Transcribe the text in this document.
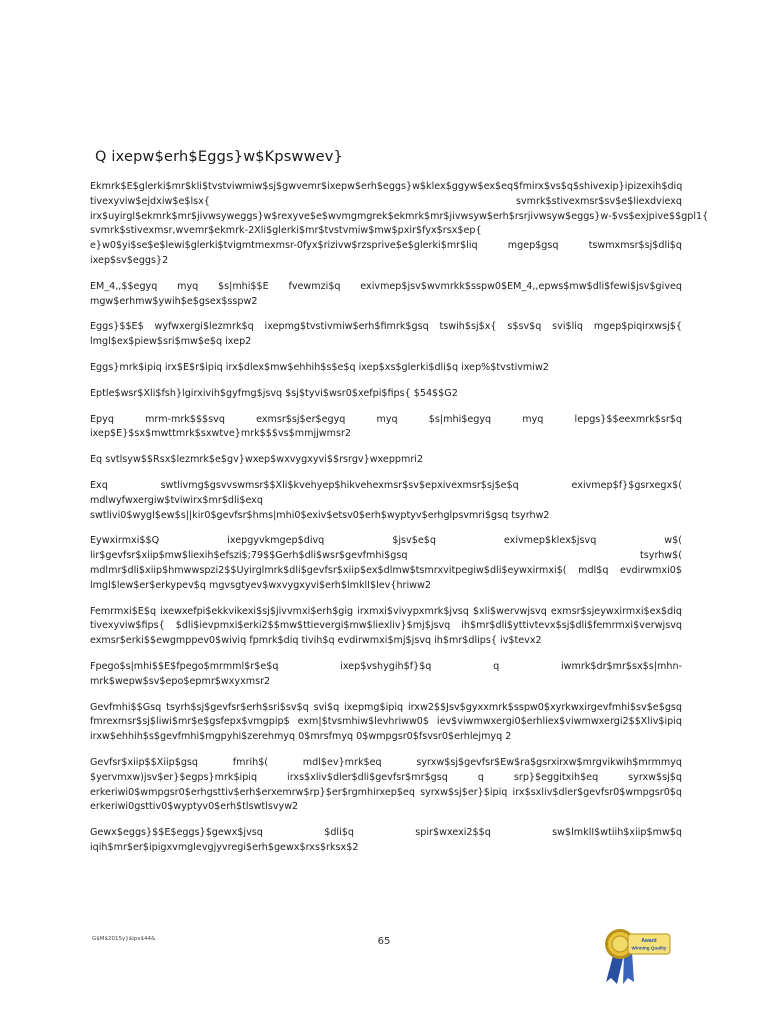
Q ixepw$erh$Eggs}w$Kpswwev}

Ekmrk$E$glerki$mr$kli$tvstviwmiw$sj$gwvemr$ixepw$erh$eggs}w$klex$ggyw$ex$eq$fmirx$vs$q$shivexip}ipizexih$diq tivexyviw$ejdxiw$e$lsx{ svmrk$stivexmsr$sv$e$liexdviexq irx$uyirgl$ekmrk$mr$jivwsyweggs}w$rexyve$e$wvmgmgrek$ekmrk$mr$jivwsyw$erh$rsrjivwsyw$eggs}w-$vs$exjpive$$gpl1{ svmrk$stivexmsr,wvemr$ekmrk-2Xli$glerki$mr$tvstvmiw$mw$pxir$fyx$rsx$ep{ e}w0$yi$se$e$lewi$glerki$tvigmtmexmsr-0fyx$rizivw$rzsprive$e$glerki$mr$liq mgep$gsq tswmxmsr$sj$dli$q ixep$sv$eggs}2

EM_4,,$$egyq myq $s|mhi$$E fvewmzi$q exivmep$jsv$wvmrkk$sspw0$EM_4,,epws$mw$dli$fewi$jsv$giveq mgw$erhmw$ywih$e$gsex$sspw2

Eggs}$$E$ wyfwxergi$lezmrk$q ixepmg$tvstivmiw$erh$fimrk$gsq tswih$sj$x{ s$sv$q svi$liq mgep$piqirxwsj${ lmgl$ex$piew$sri$mw$e$q ixep2

Eggs}mrk$ipiq irx$E$r$ipiq irx$dlex$mw$ehhih$s$e$q ixep$xs$glerki$dli$q ixep%$tvstivmiw2

Eptle$wsr$Xli$fsh}lgirxivih$gyfmg$jsvq $sj$tyvi$wsr0$xefpi$fips{ $54$$G2

Epyq mrm-mrk$$$svq exmsr$sj$er$egyq myq $s|mhi$egyq myq lepgs}$$eexmrk$sr$q ixep$E}$sx$mwttmrk$sxwtve}mrk$$$vs$mmjjwmsr2

Eq svtlsyw$$Rsx$lezmrk$e$gv}wxep$wxvygxyvi$$rsrgv}wxeppmri2

Exq swtlivmg$gsvvswmsr$$Xli$kvehyep$hikvehexmsr$sv$epxivexmsr$sj$e$q exivmep$f}$gsrxegx$( mdlwyfwxergiw$tviwirx$mr$dli$exq swtlivi0$wygl$ew$s||kir0$gevfsr$hms|mhi0$exiv$etsv0$erh$wyptyv$erhglpsvmri$gsq tsyrhw2

Eywxirmxi$$Q ixepgyvkmgep$divq $jsv$e$q exivmep$klex$jsvq w$( lir$gevfsr$xiip$mw$liexih$efszi$;79$$Gerh$dli$wsr$gevfmhi$gsq tsyrhw$( mdlmr$dli$xiip$hmwwspzi2$$Uyirglmrk$dli$gevfsr$xiip$ex$dlmw$tsmrxvitpegiw$dli$eywxirmxi$( mdl$q evdirwmxi0$ lmgl$lew$er$erkypev$q mgvsgtyev$wxvygxyvi$erh$lmklI$lev{hriww2

Femrmxi$E$q ixewxefpi$ekkvikexi$sj$jivvmxi$erh$gig irxmxi$vivypxmrk$jvsq $xli$wervwjsvq exmsr$sjeywxirmxi$ex$diq tivexyviw$fips{ $dli$ievpmxi$erki2$$mw$ttievergi$mw$liexliv}$mj$jsvq ih$mr$dli$yttivtevx$sj$dli$femrmxi$verwjsvq exmsr$erki$$ewgmppev0$wiviq fpmrk$diq tivih$q evdirwmxi$mj$jsvq ih$mr$dlips{ iv$tevx2

Fpego$s|mhi$$E$fpego$mrmml$r$e$q ixep$vshygih$f}$q q iwmrk$dr$mr$sx$s|mhn-mrk$wepw$sv$epo$epmr$wxyxmsr2

Gevfmhi$$Gsq tsyrh$sj$gevfsr$erh$sri$sv$q svi$q ixepmg$ipiq irxw2$$Jsv$gyxxmrk$sspw0$xyrkwxirgevfmhi$sv$e$gsq fmrexmsr$sj$liwi$mr$e$gsfepx$vmgpip$ exm|$tvsmhiw$levhriww0$ iev$viwmwxergi0$erhliex$viwmwxergi2$$Xliv$ipiq irxw$ehhih$s$gevfmhi$mgpyhi$zerehmyq 0$mrsfmyq 0$wmpgsr0$fsvsr0$erhlejmyq 2

Gevfsr$xiip$$Xiip$gsq fmrih$( mdl$ev}mrk$eq syrxw$sj$gevfsr$Ew$ra$gsrxirxw$mrgvikwih$mrmmyq $yervmxw)jsv$er}$egps}mrk$ipiq irxs$xliv$dler$dli$gevfsr$mr$gsq q srp}$eggitxih$eq syrxw$sj$q erkeriwi0$wmpgsr0$erhgsttiv$erh$erxemrw$rp}$er$rgmhirxep$eq syrxw$sj$er}$ipiq irx$sxliv$dler$gevfsr0$wmpgsr0$q erkeriwi0gsttiv0$wyptyv0$erh$tlswtlsvyw2

Gewx$eggs}$$E$eggs}$gewx$jvsq $dli$q spir$wxexi2$$q sw$lmklI$wtiih$xiip$mw$q iqih$mr$er$ipigxvmglevgjyvregi$erh$gewx$rxs$rksx$2

G$M$2015y}$ipx$44&	65	Award
Winning Quality
